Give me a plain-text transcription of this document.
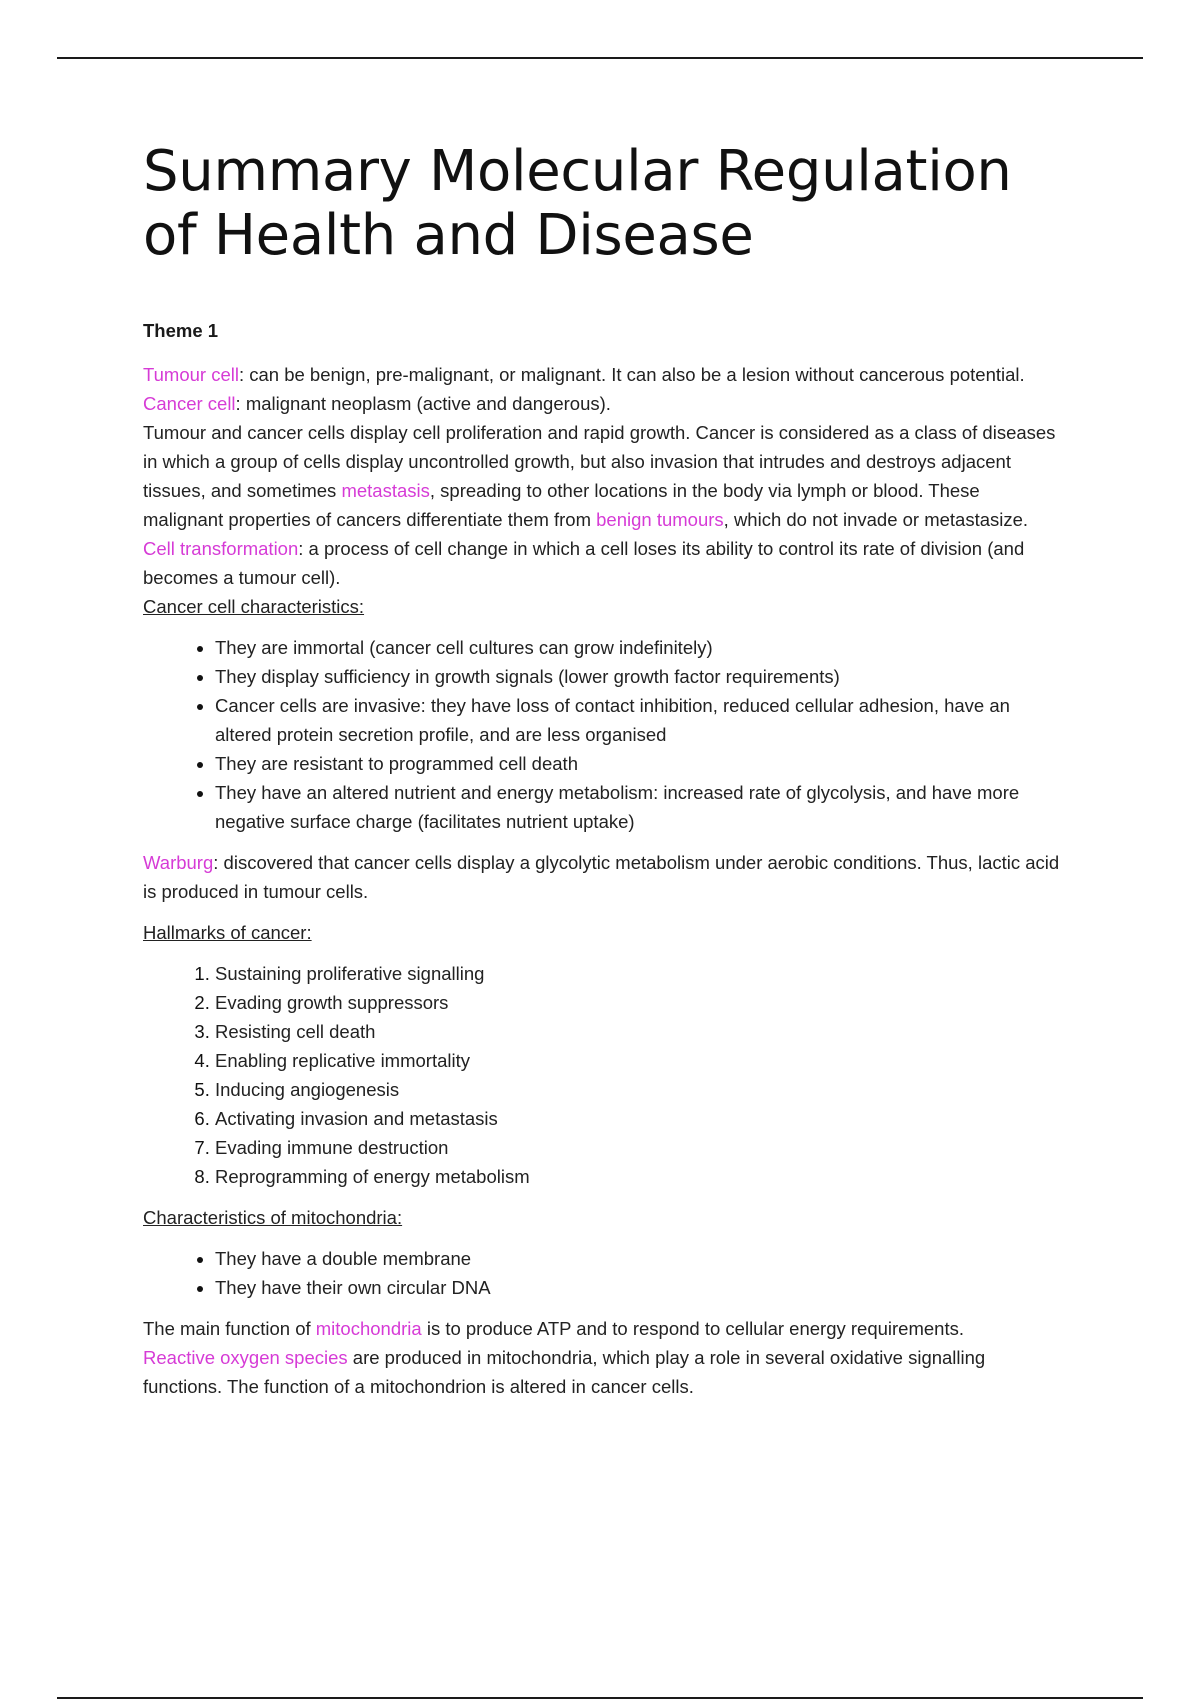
Summary Molecular Regulation of Health and Disease
Theme 1

Tumour cell: can be benign, pre-malignant, or malignant. It can also be a lesion without cancerous potential.

Cancer cell: malignant neoplasm (active and dangerous).

Tumour and cancer cells display cell proliferation and rapid growth. Cancer is considered as a class of diseases in which a group of cells display uncontrolled growth, but also invasion that intrudes and destroys adjacent tissues, and sometimes metastasis, spreading to other locations in the body via lymph or blood. These malignant properties of cancers differentiate them from benign tumours, which do not invade or metastasize.

Cell transformation: a process of cell change in which a cell loses its ability to control its rate of division (and becomes a tumour cell).

Cancer cell characteristics:

• They are immortal (cancer cell cultures can grow indefinitely)
• They display sufficiency in growth signals (lower growth factor requirements)
• Cancer cells are invasive: they have loss of contact inhibition, reduced cellular adhesion, have an altered protein secretion profile, and are less organised
• They are resistant to programmed cell death
• They have an altered nutrient and energy metabolism: increased rate of glycolysis, and have more negative surface charge (facilitates nutrient uptake)

Warburg: discovered that cancer cells display a glycolytic metabolism under aerobic conditions. Thus, lactic acid is produced in tumour cells.

Hallmarks of cancer:

1. Sustaining proliferative signalling
2. Evading growth suppressors
3. Resisting cell death
4. Enabling replicative immortality
5. Inducing angiogenesis
6. Activating invasion and metastasis
7. Evading immune destruction
8. Reprogramming of energy metabolism

Characteristics of mitochondria:

• They have a double membrane
• They have their own circular DNA

The main function of mitochondria is to produce ATP and to respond to cellular energy requirements.

Reactive oxygen species are produced in mitochondria, which play a role in several oxidative signalling functions. The function of a mitochondrion is altered in cancer cells.
